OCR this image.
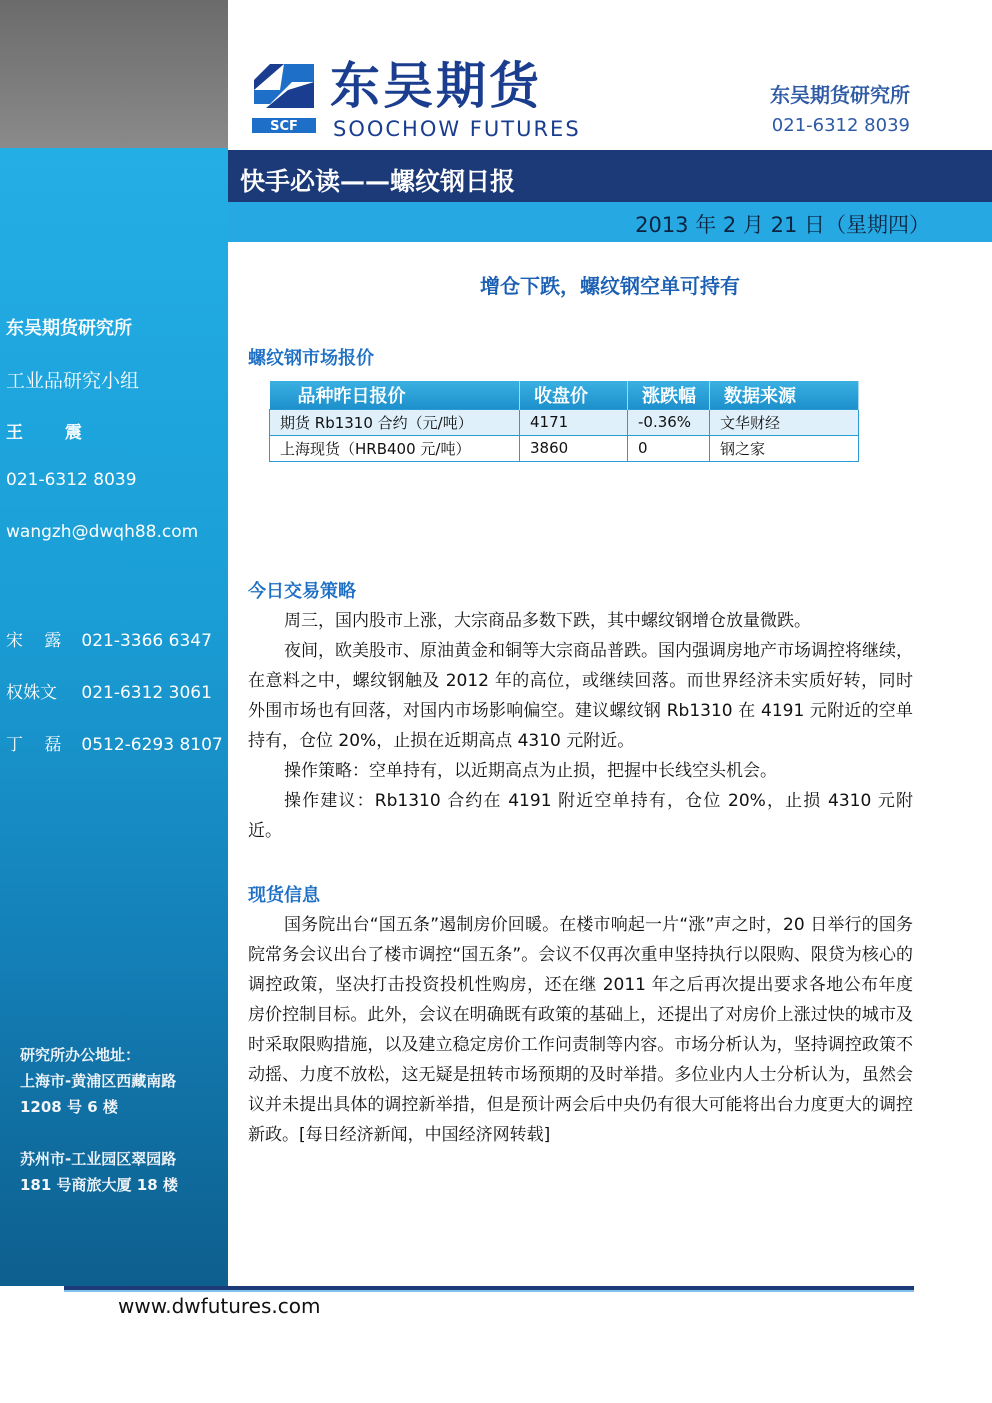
东吴期货研究所
工业品研究小组
王 震
021-6312 8039
wangzh@dwqh88.com
宋 露 021-3366 6347
权姝文 021-6312 3061
丁 磊 0512-6293 8107
研究所办公地址：
上海市-黄浦区西藏南路
1208 号 6 楼
苏州市-工业园区翠园路
181 号商旅大厦 18 楼
SCF
东吴期货
SOOCHOW FUTURES
东吴期货研究所
021-6312 8039
快手必读——螺纹钢日报
2013 年 2 月 21 日（星期四）
增仓下跌，螺纹钢空单可持有
螺纹钢市场报价
品种昨日报价	收盘价	涨跌幅	数据来源
期货 Rb1310 合约（元/吨）	4171	-0.36%	文华财经
上海现货（HRB400 元/吨）	3860	0	钢之家
今日交易策略

周三，国内股市上涨，大宗商品多数下跌，其中螺纹钢增仓放量微跌。

夜间，欧美股市、原油黄金和铜等大宗商品普跌。国内强调房地产市场调控将继续，在意料之中，螺纹钢触及 2012 年的高位，或继续回落。而世界经济未实质好转，同时外围市场也有回落，对国内市场影响偏空。建议螺纹钢 Rb1310 在 4191 元附近的空单持有，仓位 20%，止损在近期高点 4310 元附近。

操作策略：空单持有，以近期高点为止损，把握中长线空头机会。

操作建议：Rb1310 合约在 4191 附近空单持有，仓位 20%，止损 4310 元附近。

现货信息

国务院出台“国五条”遏制房价回暖。在楼市响起一片“涨”声之时，20 日举行的国务院常务会议出台了楼市调控“国五条”。会议不仅再次重申坚持执行以限购、限贷为核心的调控政策，坚决打击投资投机性购房，还在继 2011 年之后再次提出要求各地公布年度房价控制目标。此外，会议在明确既有政策的基础上，还提出了对房价上涨过快的城市及时采取限购措施，以及建立稳定房价工作问责制等内容。市场分析认为，坚持调控政策不动摇、力度不放松，这无疑是扭转市场预期的及时举措。多位业内人士分析认为，虽然会议并未提出具体的调控新举措，但是预计两会后中央仍有很大可能将出台力度更大的调控新政。[每日经济新闻，中国经济网转载]

www.dwfutures.com
